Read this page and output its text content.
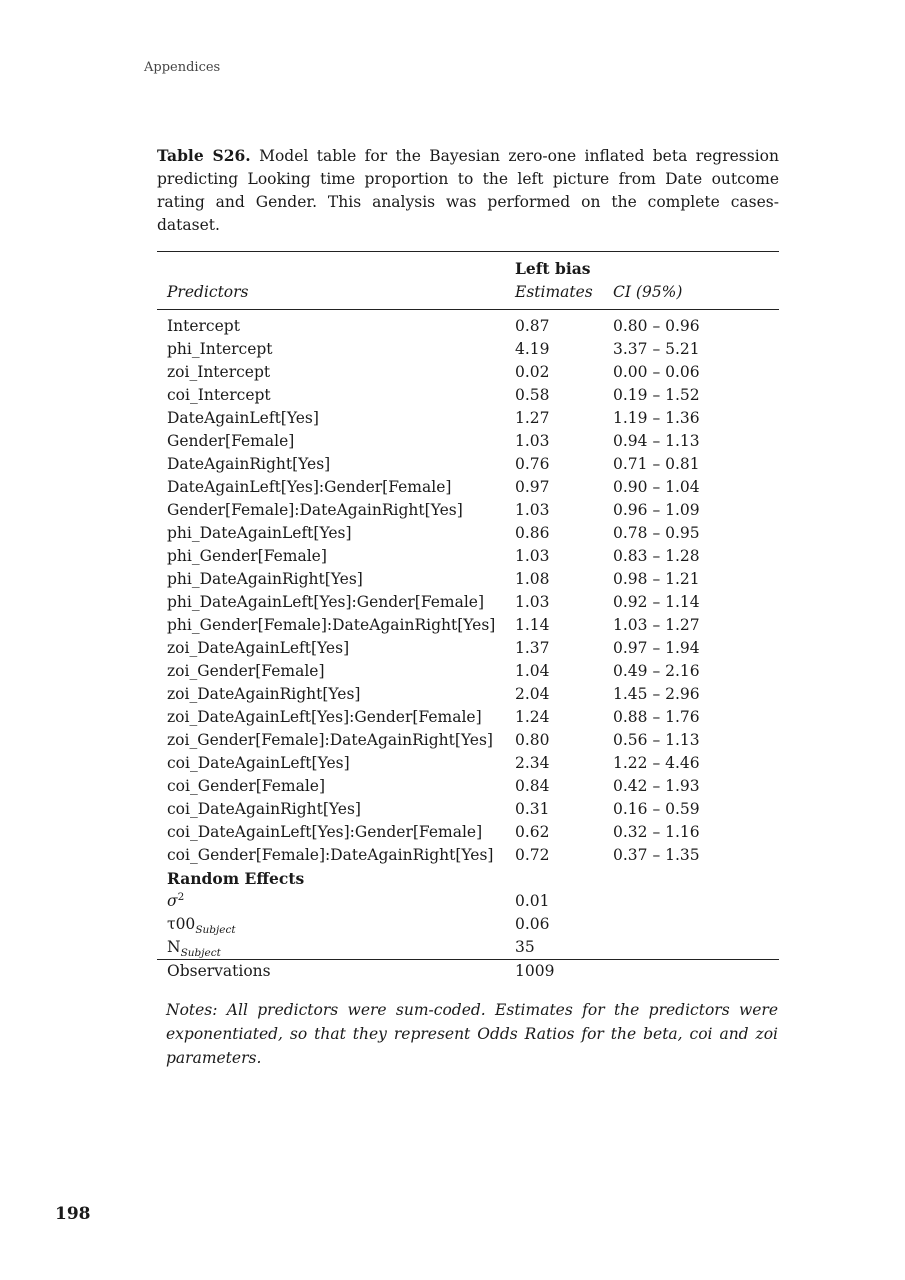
Appendices
Table S26. Model table for the Bayesian zero-one inflated beta regression predicting Looking time proportion to the left picture from Date outcome rating and Gender. This analysis was performed on the complete cases-dataset.
Left bias
Predictors	Estimates	CI (95%)
Intercept	0.87	0.80 – 0.96
phi_Intercept	4.19	3.37 – 5.21
zoi_Intercept	0.02	0.00 – 0.06
coi_Intercept	0.58	0.19 – 1.52
DateAgainLeft[Yes]	1.27	1.19 – 1.36
Gender[Female]	1.03	0.94 – 1.13
DateAgainRight[Yes]	0.76	0.71 – 0.81
DateAgainLeft[Yes]:Gender[Female]	0.97	0.90 – 1.04
Gender[Female]:DateAgainRight[Yes]	1.03	0.96 – 1.09
phi_DateAgainLeft[Yes]	0.86	0.78 – 0.95
phi_Gender[Female]	1.03	0.83 – 1.28
phi_DateAgainRight[Yes]	1.08	0.98 – 1.21
phi_DateAgainLeft[Yes]:Gender[Female]	1.03	0.92 – 1.14
phi_Gender[Female]:DateAgainRight[Yes]	1.14	1.03 – 1.27
zoi_DateAgainLeft[Yes]	1.37	0.97 – 1.94
zoi_Gender[Female]	1.04	0.49 – 2.16
zoi_DateAgainRight[Yes]	2.04	1.45 – 2.96
zoi_DateAgainLeft[Yes]:Gender[Female]	1.24	0.88 – 1.76
zoi_Gender[Female]:DateAgainRight[Yes]	0.80	0.56 – 1.13
coi_DateAgainLeft[Yes]	2.34	1.22 – 4.46
coi_Gender[Female]	0.84	0.42 – 1.93
coi_DateAgainRight[Yes]	0.31	0.16 – 0.59
coi_DateAgainLeft[Yes]:Gender[Female]	0.62	0.32 – 1.16
coi_Gender[Female]:DateAgainRight[Yes]	0.72	0.37 – 1.35
Random Effects
$\sigma^2$	0.01
$\tau 00_{Subject}$	0.06
$N_{Subject}$	35
Observations	1009
Notes: All predictors were sum-coded. Estimates for the predictors were exponentiated, so that they represent Odds Ratios for the beta, coi and zoi parameters.
198
